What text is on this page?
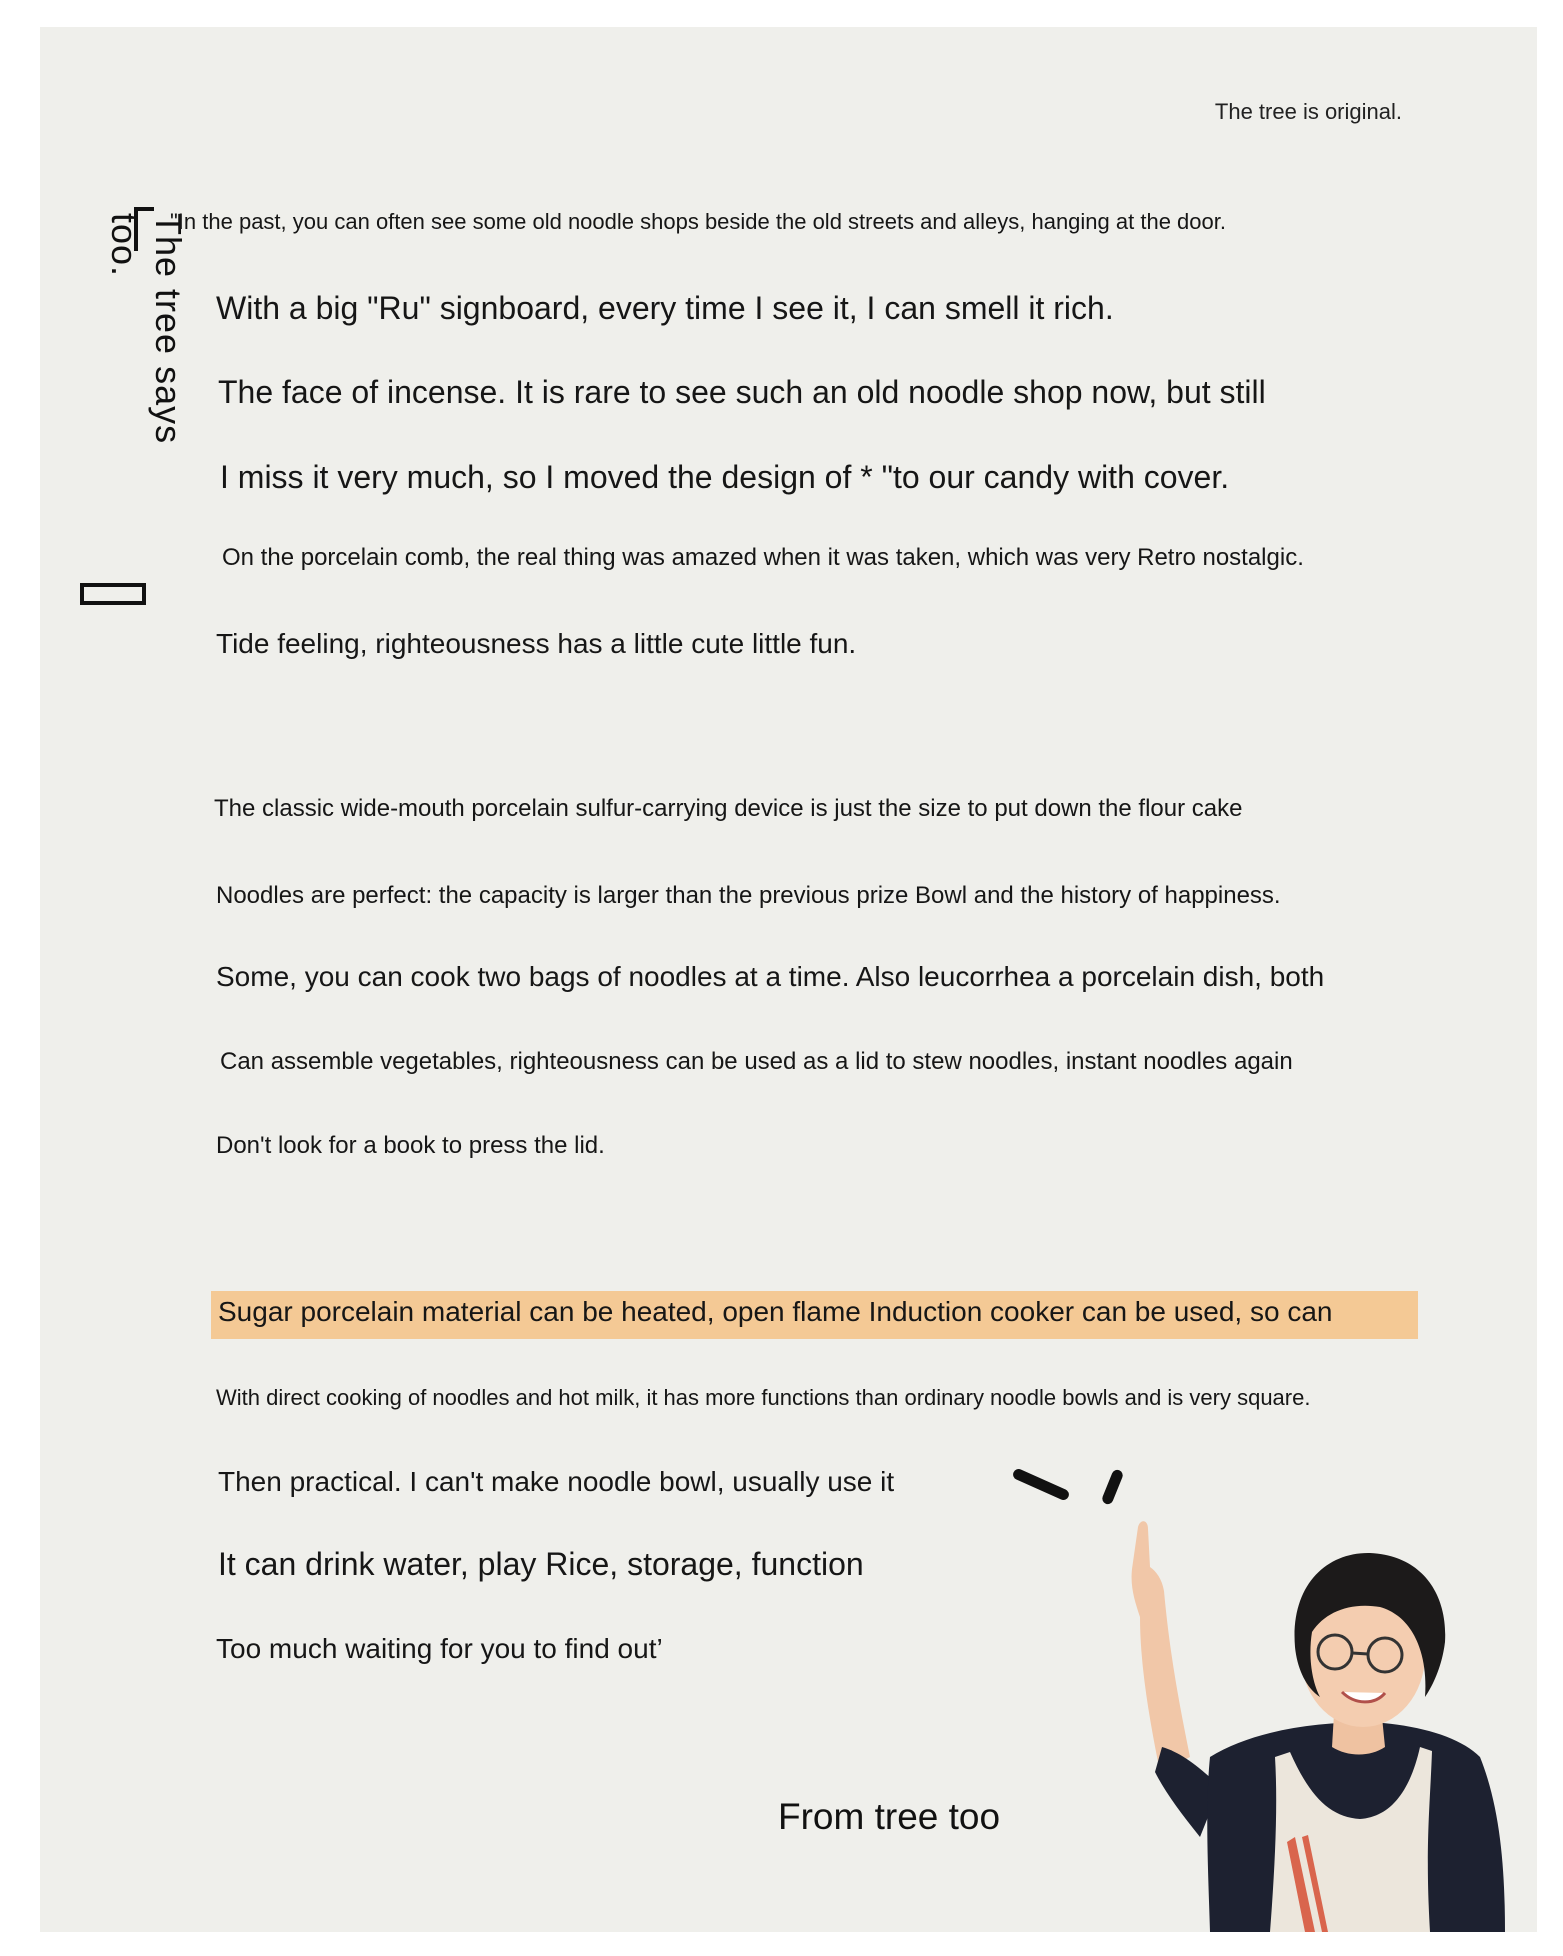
The tree is original.
The tree says too.	"In the past, you can often see some old noodle shops beside the old streets and alleys, hanging at the door.
With a big "Ru" signboard, every time I see it, I can smell it rich.
The face of incense. It is rare to see such an old noodle shop now, but still
I miss it very much, so I moved the design of * "to our candy with cover.
On the porcelain comb, the real thing was amazed when it was taken, which was very Retro nostalgic.
Tide feeling, righteousness has a little cute little fun.
The classic wide-mouth porcelain sulfur-carrying device is just the size to put down the flour cake
Noodles are perfect: the capacity is larger than the previous prize Bowl and the history of happiness.
Some, you can cook two bags of noodles at a time. Also leucorrhea a porcelain dish, both
Can assemble vegetables, righteousness can be used as a lid to stew noodles, instant noodles again
Don't look for a book to press the lid.
Sugar porcelain material can be heated, open flame Induction cooker can be used, so can
With direct cooking of noodles and hot milk, it has more functions than ordinary noodle bowls and is very square.
Then practical. I can't make noodle bowl, usually use it
It can drink water, play Rice, storage, function
Too much waiting for you to find out’
From tree too
